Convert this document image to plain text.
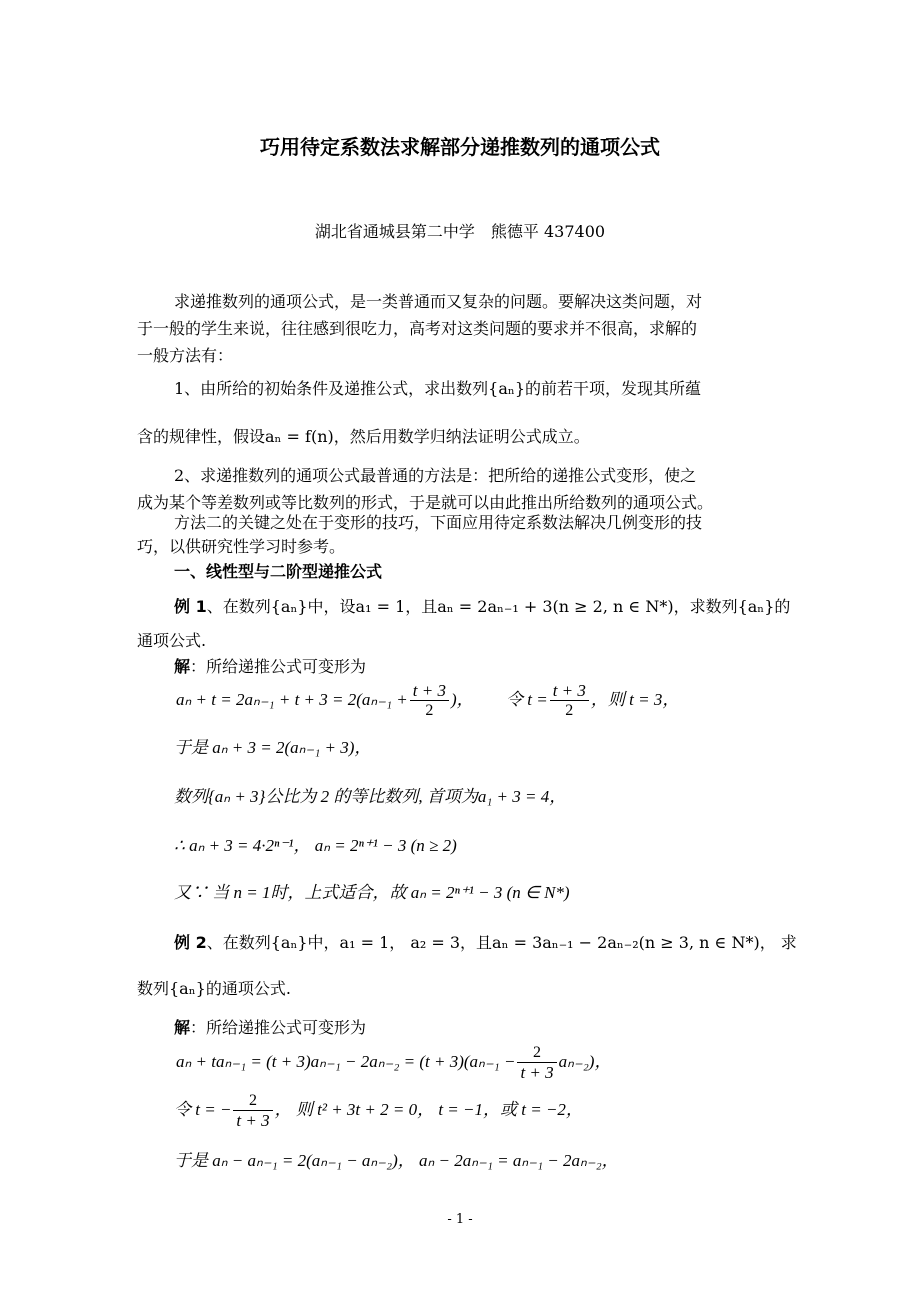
巧用待定系数法求解部分递推数列的通项公式
湖北省通城县第二中学　熊德平 437400
求递推数列的通项公式，是一类普通而又复杂的问题。要解决这类问题，对
于一般的学生来说，往往感到很吃力，高考对这类问题的要求并不很高，求解的
一般方法有：
1、由所给的初始条件及递推公式，求出数列{aₙ}的前若干项，发现其所蕴
含的规律性，假设aₙ = f(n)，然后用数学归纳法证明公式成立。
2、求递推数列的通项公式最普通的方法是：把所给的递推公式变形，使之
成为某个等差数列或等比数列的形式，于是就可以由此推出所给数列的通项公式。
方法二的关键之处在于变形的技巧，下面应用待定系数法解决几例变形的技
巧，以供研究性学习时参考。
一、线性型与二阶型递推公式
例 1、在数列{aₙ}中，设a₁ = 1，且aₙ = 2aₙ₋₁ + 3(n ≥ 2, n ∈ N*)，求数列{aₙ}的
通项公式.
解：所给递推公式可变形为
$a_n + t = 2a_{n-1} + t + 3 = 2(a_{n-1} + \frac{t + 3}{2}$ )， 令 $t = \frac{t + 3}{2}$ ，则 t = 3，
于是 aₙ + 3 = 2(aₙ₋₁ + 3)，
数列{aₙ + 3}公比为 2 的等比数列, 首项为a₁ + 3 = 4，
∴ aₙ + 3 = 4·2ⁿ⁻¹， aₙ = 2ⁿ⁺¹ − 3 (n ≥ 2)
又∵ 当 n = 1时，上式适合，故 aₙ = 2ⁿ⁺¹ − 3 (n ∈ N*)
例 2、在数列{aₙ}中，a₁ = 1， a₂ = 3，且aₙ = 3aₙ₋₁ − 2aₙ₋₂(n ≥ 3, n ∈ N*)， 求
数列{aₙ}的通项公式.
解：所给递推公式可变形为
$a_n + ta_{n-1} = (t + 3)a_{n-1} - 2a_{n-2} = (t + 3)(a_{n-1} - \frac{2}{t + 3} a_{n-2})$，
令 t = − $\frac{2}{t + 3}$ ， 则 t² + 3t + 2 = 0， t = −1，或 t = −2，
于是 aₙ − aₙ₋₁ = 2(aₙ₋₁ − aₙ₋₂)， aₙ − 2aₙ₋₁ = aₙ₋₁ − 2aₙ₋₂，
- 1 -
